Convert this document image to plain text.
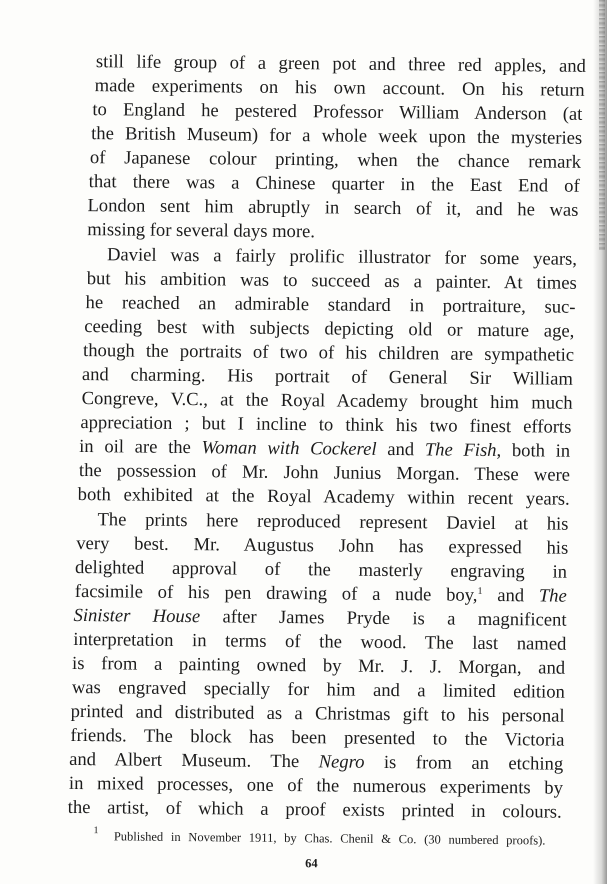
still life group of a green pot and three red apples, and
made experiments on his own account. On his return
to England he pestered Professor William Anderson (at
the British Museum) for a whole week upon the mysteries
of Japanese colour printing, when the chance remark
that there was a Chinese quarter in the East End of
London sent him abruptly in search of it, and he was
missing for several days more.
Daviel was a fairly prolific illustrator for some years,
but his ambition was to succeed as a painter. At times
he reached an admirable standard in portraiture, suc-
ceeding best with subjects depicting old or mature age,
though the portraits of two of his children are sympathetic
and charming. His portrait of General Sir William
Congreve, V.C., at the Royal Academy brought him much
appreciation ; but I incline to think his two finest efforts
in oil are the Woman with Cockerel and The Fish, both in
the possession of Mr. John Junius Morgan. These were
both exhibited at the Royal Academy within recent years.
The prints here reproduced represent Daviel at his
very best. Mr. Augustus John has expressed his
delighted approval of the masterly engraving in
facsimile of his pen drawing of a nude boy,$^1$ and The
Sinister House after James Pryde is a magnificent
interpretation in terms of the wood. The last named
is from a painting owned by Mr. J. J. Morgan, and
was engraved specially for him and a limited edition
printed and distributed as a Christmas gift to his personal
friends. The block has been presented to the Victoria
and Albert Museum. The Negro is from an etching
in mixed processes, one of the numerous experiments by
the artist, of which a proof exists printed in colours.
$^1$ Published in November 1911, by Chas. Chenil & Co. (30 numbered proofs).
64
